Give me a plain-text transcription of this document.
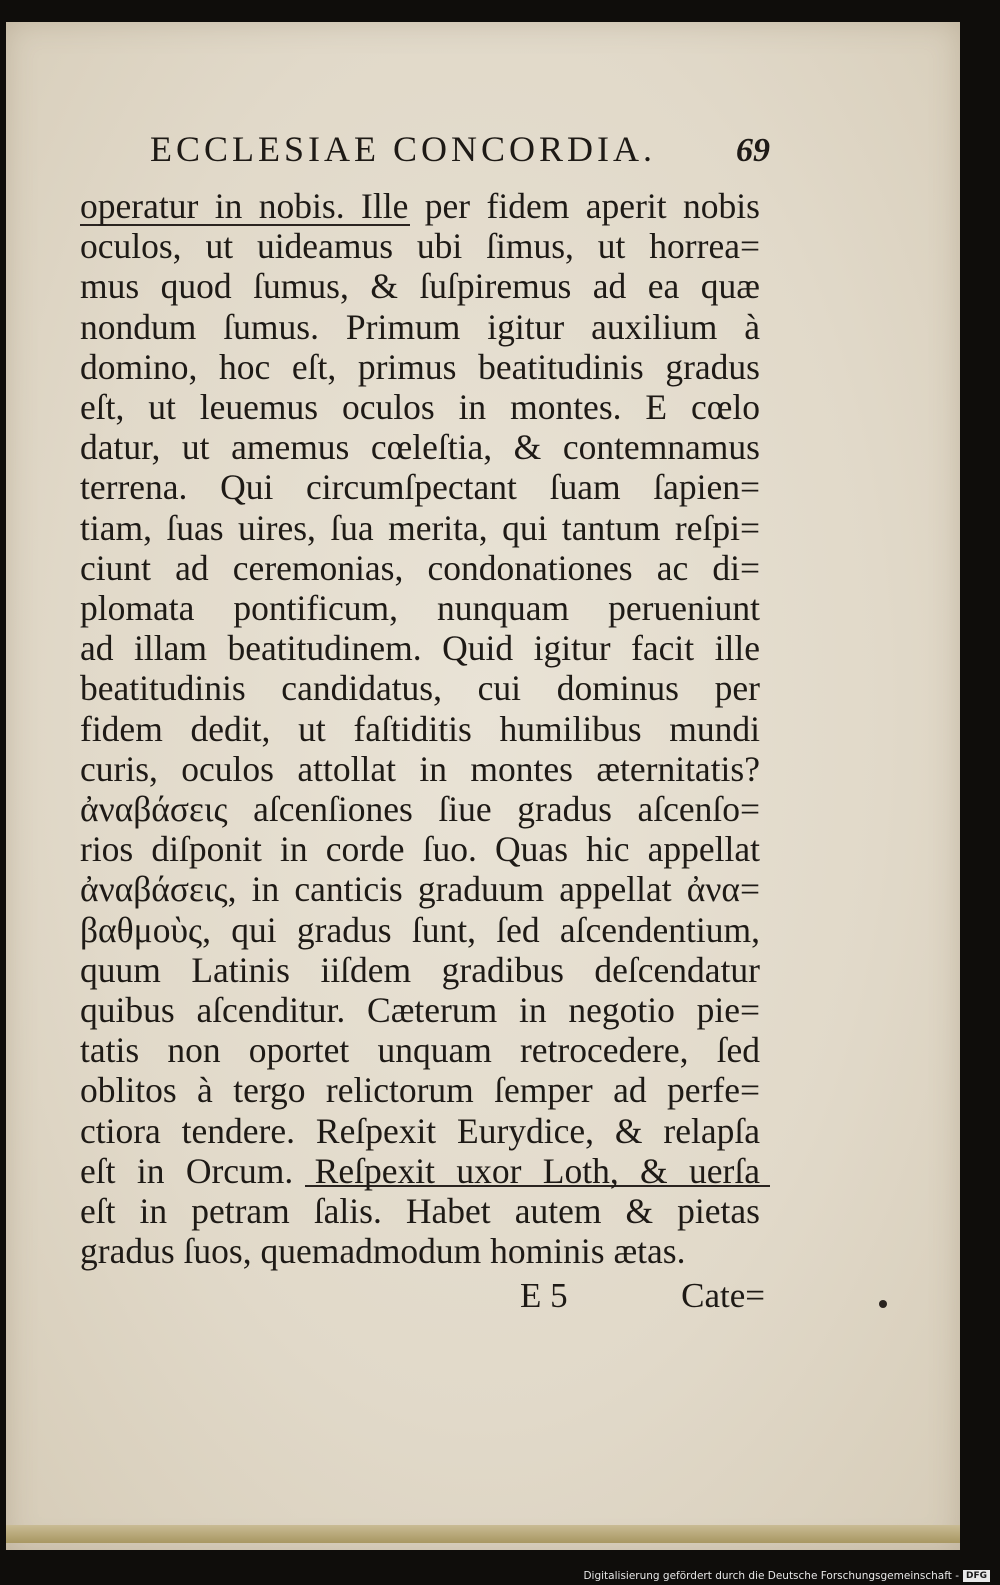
ECCLESIAE CONCORDIA. 69
operatur in nobis. Ille per fidem aperit nobis
oculos, ut uideamus ubi ſimus, ut horrea=
mus quod ſumus, & ſuſpiremus ad ea quæ
nondum ſumus. Primum igitur auxilium à
domino, hoc eſt, primus beatitudinis gradus
eſt, ut leuemus oculos in montes. E cœlo
datur, ut amemus cœleſtia, & contemnamus
terrena. Qui circumſpectant ſuam ſapien=
tiam, ſuas uires, ſua merita, qui tantum reſpi=
ciunt ad ceremonias, condonationes ac di=
plomata pontificum, nunquam perueniunt
ad illam beatitudinem. Quid igitur facit ille
beatitudinis candidatus, cui dominus per
fidem dedit, ut faſtiditis humilibus mundi
curis, oculos attollat in montes æternitatis?
ἀναβάσεις aſcenſiones ſiue gradus aſcenſo=
rios diſponit in corde ſuo. Quas hic appellat
ἀναβάσεις, in canticis graduum appellat ἀνα=
βαθμοὺς, qui gradus ſunt, ſed aſcendentium,
quum Latinis iiſdem gradibus deſcendatur
quibus aſcenditur. Cæterum in negotio pie=
tatis non oportet unquam retrocedere, ſed
oblitos à tergo relictorum ſemper ad perfe=
ctiora tendere. Reſpexit Eurydice, & relapſa
eſt in Orcum. Reſpexit uxor Loth, & uerſa
eſt in petram ſalis. Habet autem & pietas
gradus ſuos, quemadmodum hominis ætas.
E 5	Cate=
Digitalisierung gefördert durch die Deutsche Forschungsgemeinschaft - DFG
